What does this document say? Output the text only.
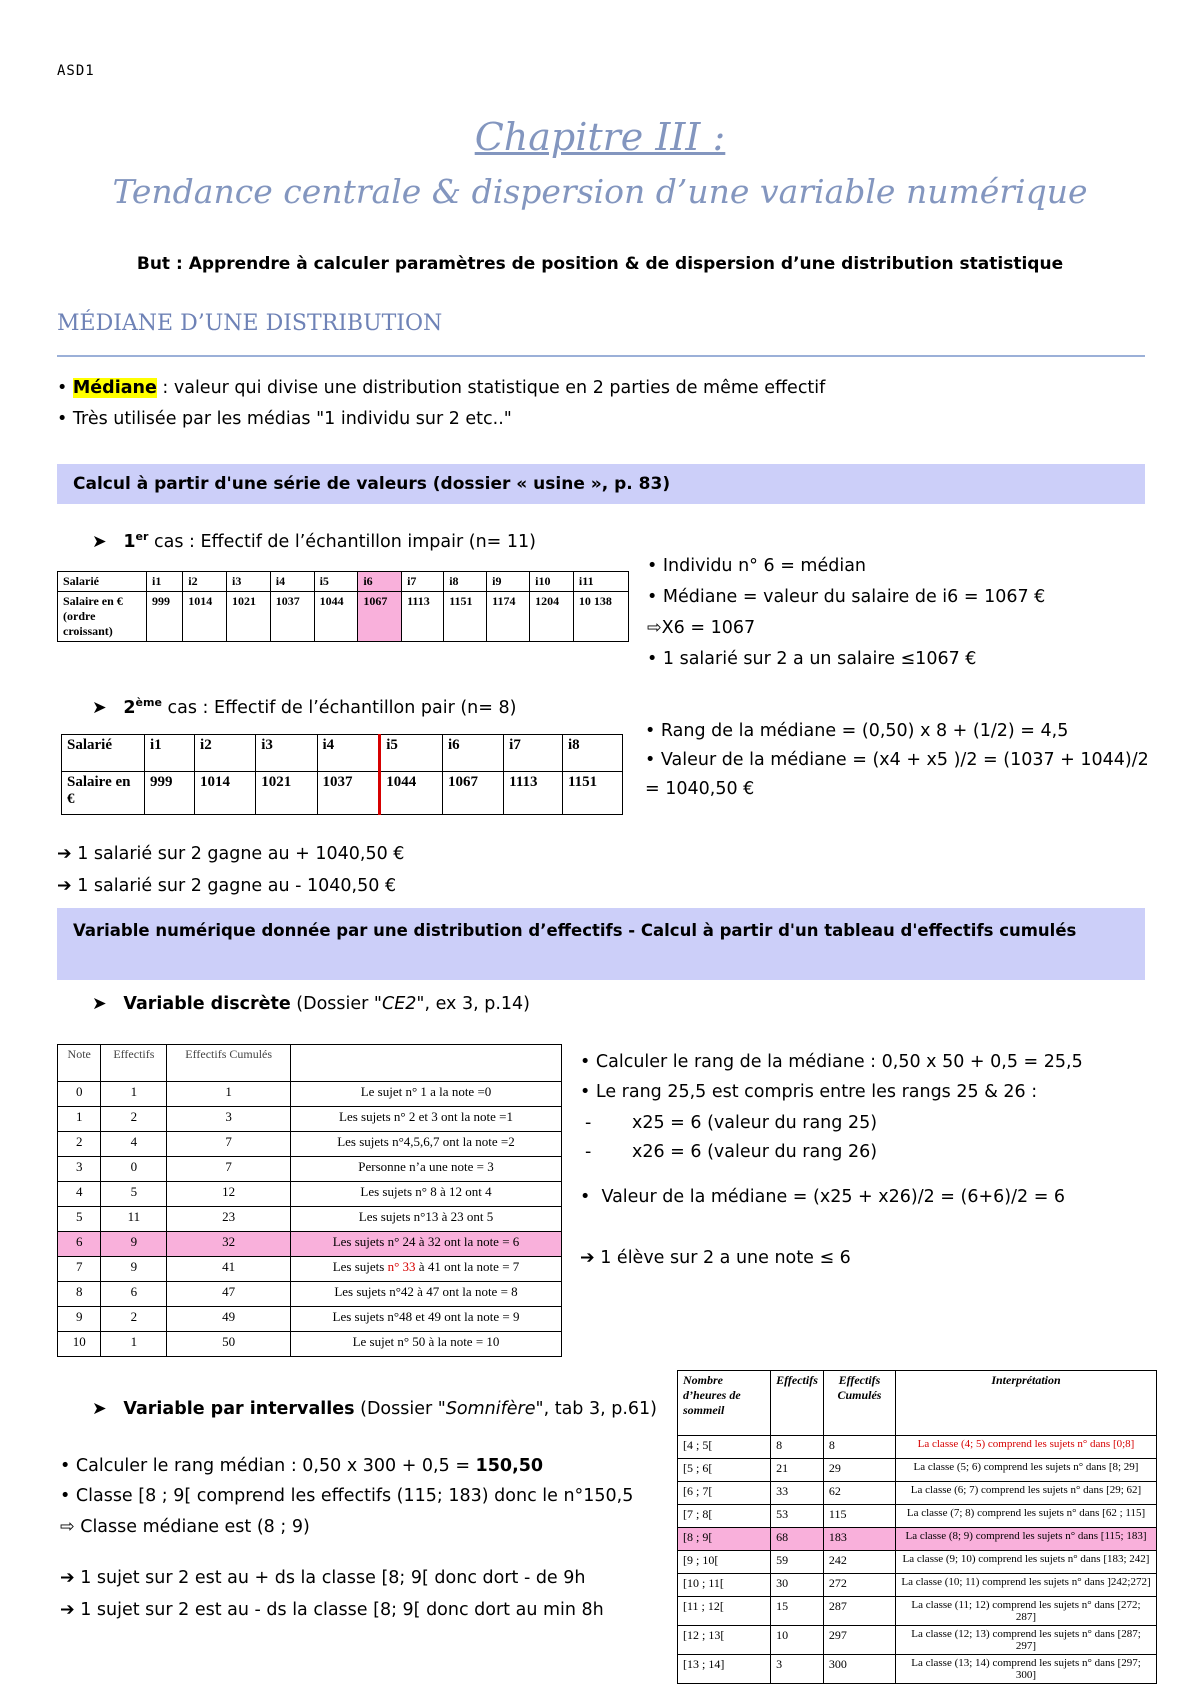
ASD1
Chapitre III :
Tendance centrale & dispersion d’une variable numérique
But : Apprendre à calculer paramètres de position & de dispersion d’une distribution statistique
MÉDIANE D’UNE DISTRIBUTION
• Médiane : valeur qui divise une distribution statistique en 2 parties de même effectif
• Très utilisée par les médias "1 individu sur 2 etc.."
Calcul à partir d'une série de valeurs (dossier « usine », p. 83)
➤   1er cas : Effectif de l’échantillon impair (n= 11)
Salarié	i1	i2	i3	i4	i5	i6	i7	i8	i9	i10	i11
Salaire en € (ordre croissant)	999	1014	1021	1037	1044	1067	1113	1151	1174	1204	10 138
• Individu n° 6 = médian
• Médiane = valeur du salaire de i6 = 1067 €
⇨X6 = 1067
• 1 salarié sur 2 a un salaire ≤1067 €
➤   2ème cas : Effectif de l’échantillon pair (n= 8)
Salarié	i1	i2	i3	i4	i5	i6	i7	i8
Salaire en €	999	1014	1021	1037	1044	1067	1113	1151
• Rang de la médiane = (0,50) x 8 + (1/2) = 4,5
• Valeur de la médiane = (x4 + x5 )/2 = (1037 + 1044)/2
= 1040,50 €
➔ 1 salarié sur 2 gagne au + 1040,50 €
➔ 1 salarié sur 2 gagne au - 1040,50 €
Variable numérique donnée par une distribution d’effectifs - Calcul à partir d'un tableau d'effectifs cumulés
➤   Variable discrète (Dossier "CE2", ex 3, p.14)
Note	Effectifs	Effectifs Cumulés	
0	1	1	Le sujet n° 1 a la note =0
1	2	3	Les sujets n° 2 et 3 ont la note =1
2	4	7	Les sujets n°4,5,6,7 ont la note =2
3	0	7	Personne n’a une note = 3
4	5	12	Les sujets n° 8 à 12 ont 4
5	11	23	Les sujets n°13 à 23 ont 5
6	9	32	Les sujets n° 24 à 32 ont la note = 6
7	9	41	Les sujets n° 33 à 41 ont la note = 7
8	6	47	Les sujets n°42 à 47 ont la note = 8
9	2	49	Les sujets n°48 et 49 ont la note = 9
10	1	50	Le sujet n° 50 à la note = 10
• Calculer le rang de la médiane : 0,50 x 50 + 0,5 = 25,5
• Le rang 25,5 est compris entre les rangs 25 & 26 :
- x25 = 6 (valeur du rang 25)
- x26 = 6 (valeur du rang 26)
•  Valeur de la médiane = (x25 + x26)/2 = (6+6)/2 = 6
➔ 1 élève sur 2 a une note ≤ 6
➤   Variable par intervalles (Dossier "Somnifère", tab 3, p.61)
• Calculer le rang médian : 0,50 x 300 + 0,5 = 150,50
• Classe [8 ; 9[ comprend les effectifs (115; 183) donc le n°150,5
⇨ Classe médiane est (8 ; 9)
➔ 1 sujet sur 2 est au + ds la classe [8; 9[ donc dort - de 9h
➔ 1 sujet sur 2 est au - ds la classe [8; 9[ donc dort au min 8h
Nombre d’heures de sommeil	Effectifs	Effectifs Cumulés	Interprétation
[4 ; 5[	8	8	La classe (4; 5) comprend les sujets n° dans [0;8]
[5 ; 6[	21	29	La classe (5; 6) comprend les sujets n° dans [8; 29]
[6 ; 7[	33	62	La classe (6; 7) comprend les sujets n° dans [29; 62]
[7 ; 8[	53	115	La classe (7; 8) comprend les sujets n° dans [62 ; 115]
[8 ; 9[	68	183	La classe (8; 9) comprend les sujets n° dans [115; 183]
[9 ; 10[	59	242	La classe (9; 10) comprend les sujets n° dans [183; 242]
[10 ; 11[	30	272	La classe (10; 11) comprend les sujets n° dans ]242;272]
[11 ; 12[	15	287	La classe (11; 12) comprend les sujets n° dans [272; 287]
[12 ; 13[	10	297	La classe (12; 13) comprend les sujets n° dans [287; 297]
[13 ; 14]	3	300	La classe (13; 14) comprend les sujets n° dans [297; 300]
